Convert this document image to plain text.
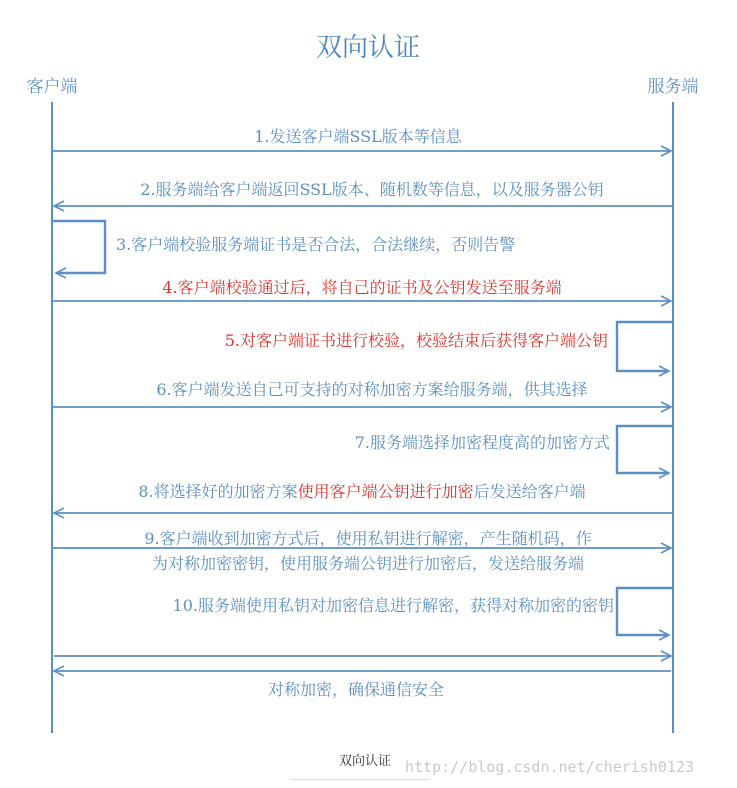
双向认证
客户端	服务端
1.发送客户端SSL版本等信息
2.服务端给客户端返回SSL版本、随机数等信息，以及服务器公钥
3.客户端校验服务端证书是否合法，合法继续，否则告警
4.客户端校验通过后，将自己的证书及公钥发送至服务端
5.对客户端证书进行校验，校验结束后获得客户端公钥
6.客户端发送自己可支持的对称加密方案给服务端，供其选择
7.服务端选择加密程度高的加密方式
8.将选择好的加密方案使用客户端公钥进行加密后发送给客户端
9.客户端收到加密方式后，使用私钥进行解密，产生随机码，作
为对称加密密钥，使用服务端公钥进行加密后，发送给服务端
10.服务端使用私钥对加密信息进行解密，获得对称加密的密钥
对称加密，确保通信安全
双向认证 http://blog.csdn.net/cherish0123
